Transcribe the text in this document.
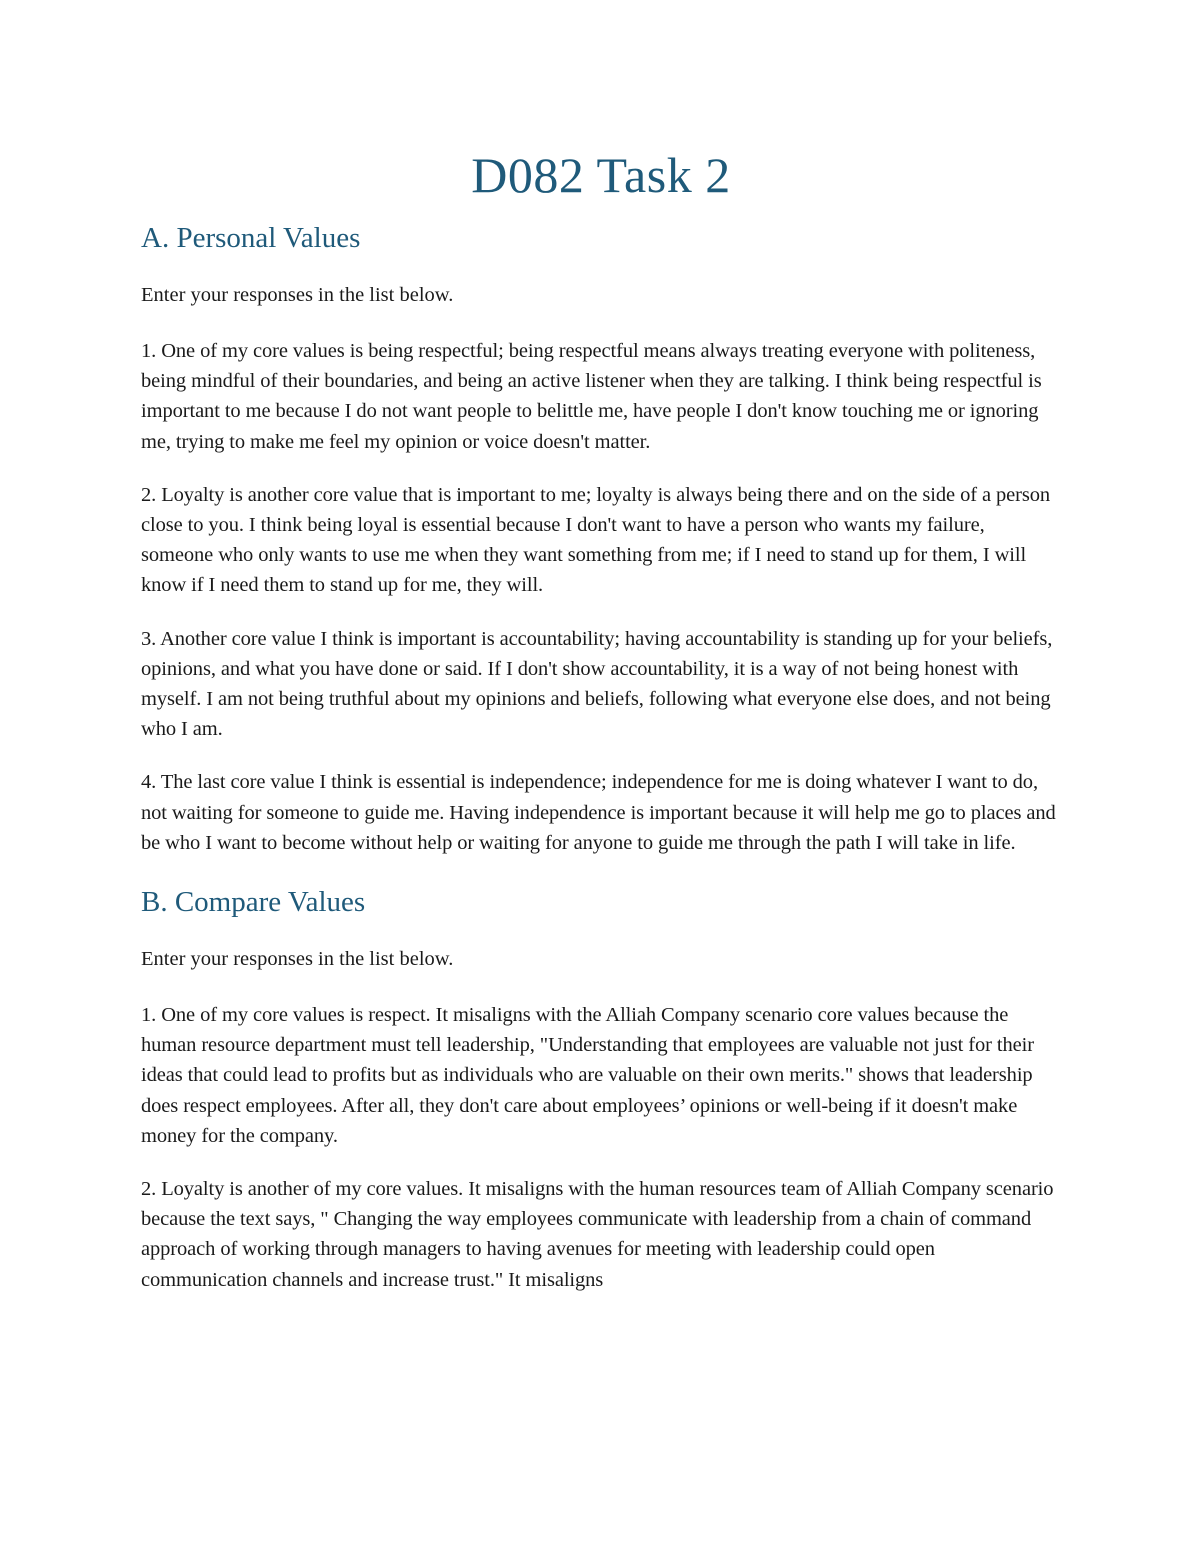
D082 Task 2
A. Personal Values

Enter your responses in the list below.

1. One of my core values is being respectful; being respectful means always treating everyone with politeness, being mindful of their boundaries, and being an active listener when they are talking. I think being respectful is important to me because I do not want people to belittle me, have people I don't know touching me or ignoring me, trying to make me feel my opinion or voice doesn't matter.

2. Loyalty is another core value that is important to me; loyalty is always being there and on the side of a person close to you. I think being loyal is essential because I don't want to have a person who wants my failure, someone who only wants to use me when they want something from me; if I need to stand up for them, I will know if I need them to stand up for me, they will.

3. Another core value I think is important is accountability; having accountability is standing up for your beliefs, opinions, and what you have done or said. If I don't show accountability, it is a way of not being honest with myself. I am not being truthful about my opinions and beliefs, following what everyone else does, and not being who I am.

4. The last core value I think is essential is independence; independence for me is doing whatever I want to do, not waiting for someone to guide me. Having independence is important because it will help me go to places and be who I want to become without help or waiting for anyone to guide me through the path I will take in life.

B. Compare Values

Enter your responses in the list below.

1. One of my core values is respect. It misaligns with the Alliah Company scenario core values because the human resource department must tell leadership, "Understanding that employees are valuable not just for their ideas that could lead to profits but as individuals who are valuable on their own merits." shows that leadership does respect employees. After all, they don't care about employees’ opinions or well-being if it doesn't make money for the company.

2. Loyalty is another of my core values. It misaligns with the human resources team of Alliah Company scenario because the text says, " Changing the way employees communicate with leadership from a chain of command approach of working through managers to having avenues for meeting with leadership could open communication channels and increase trust." It misaligns
